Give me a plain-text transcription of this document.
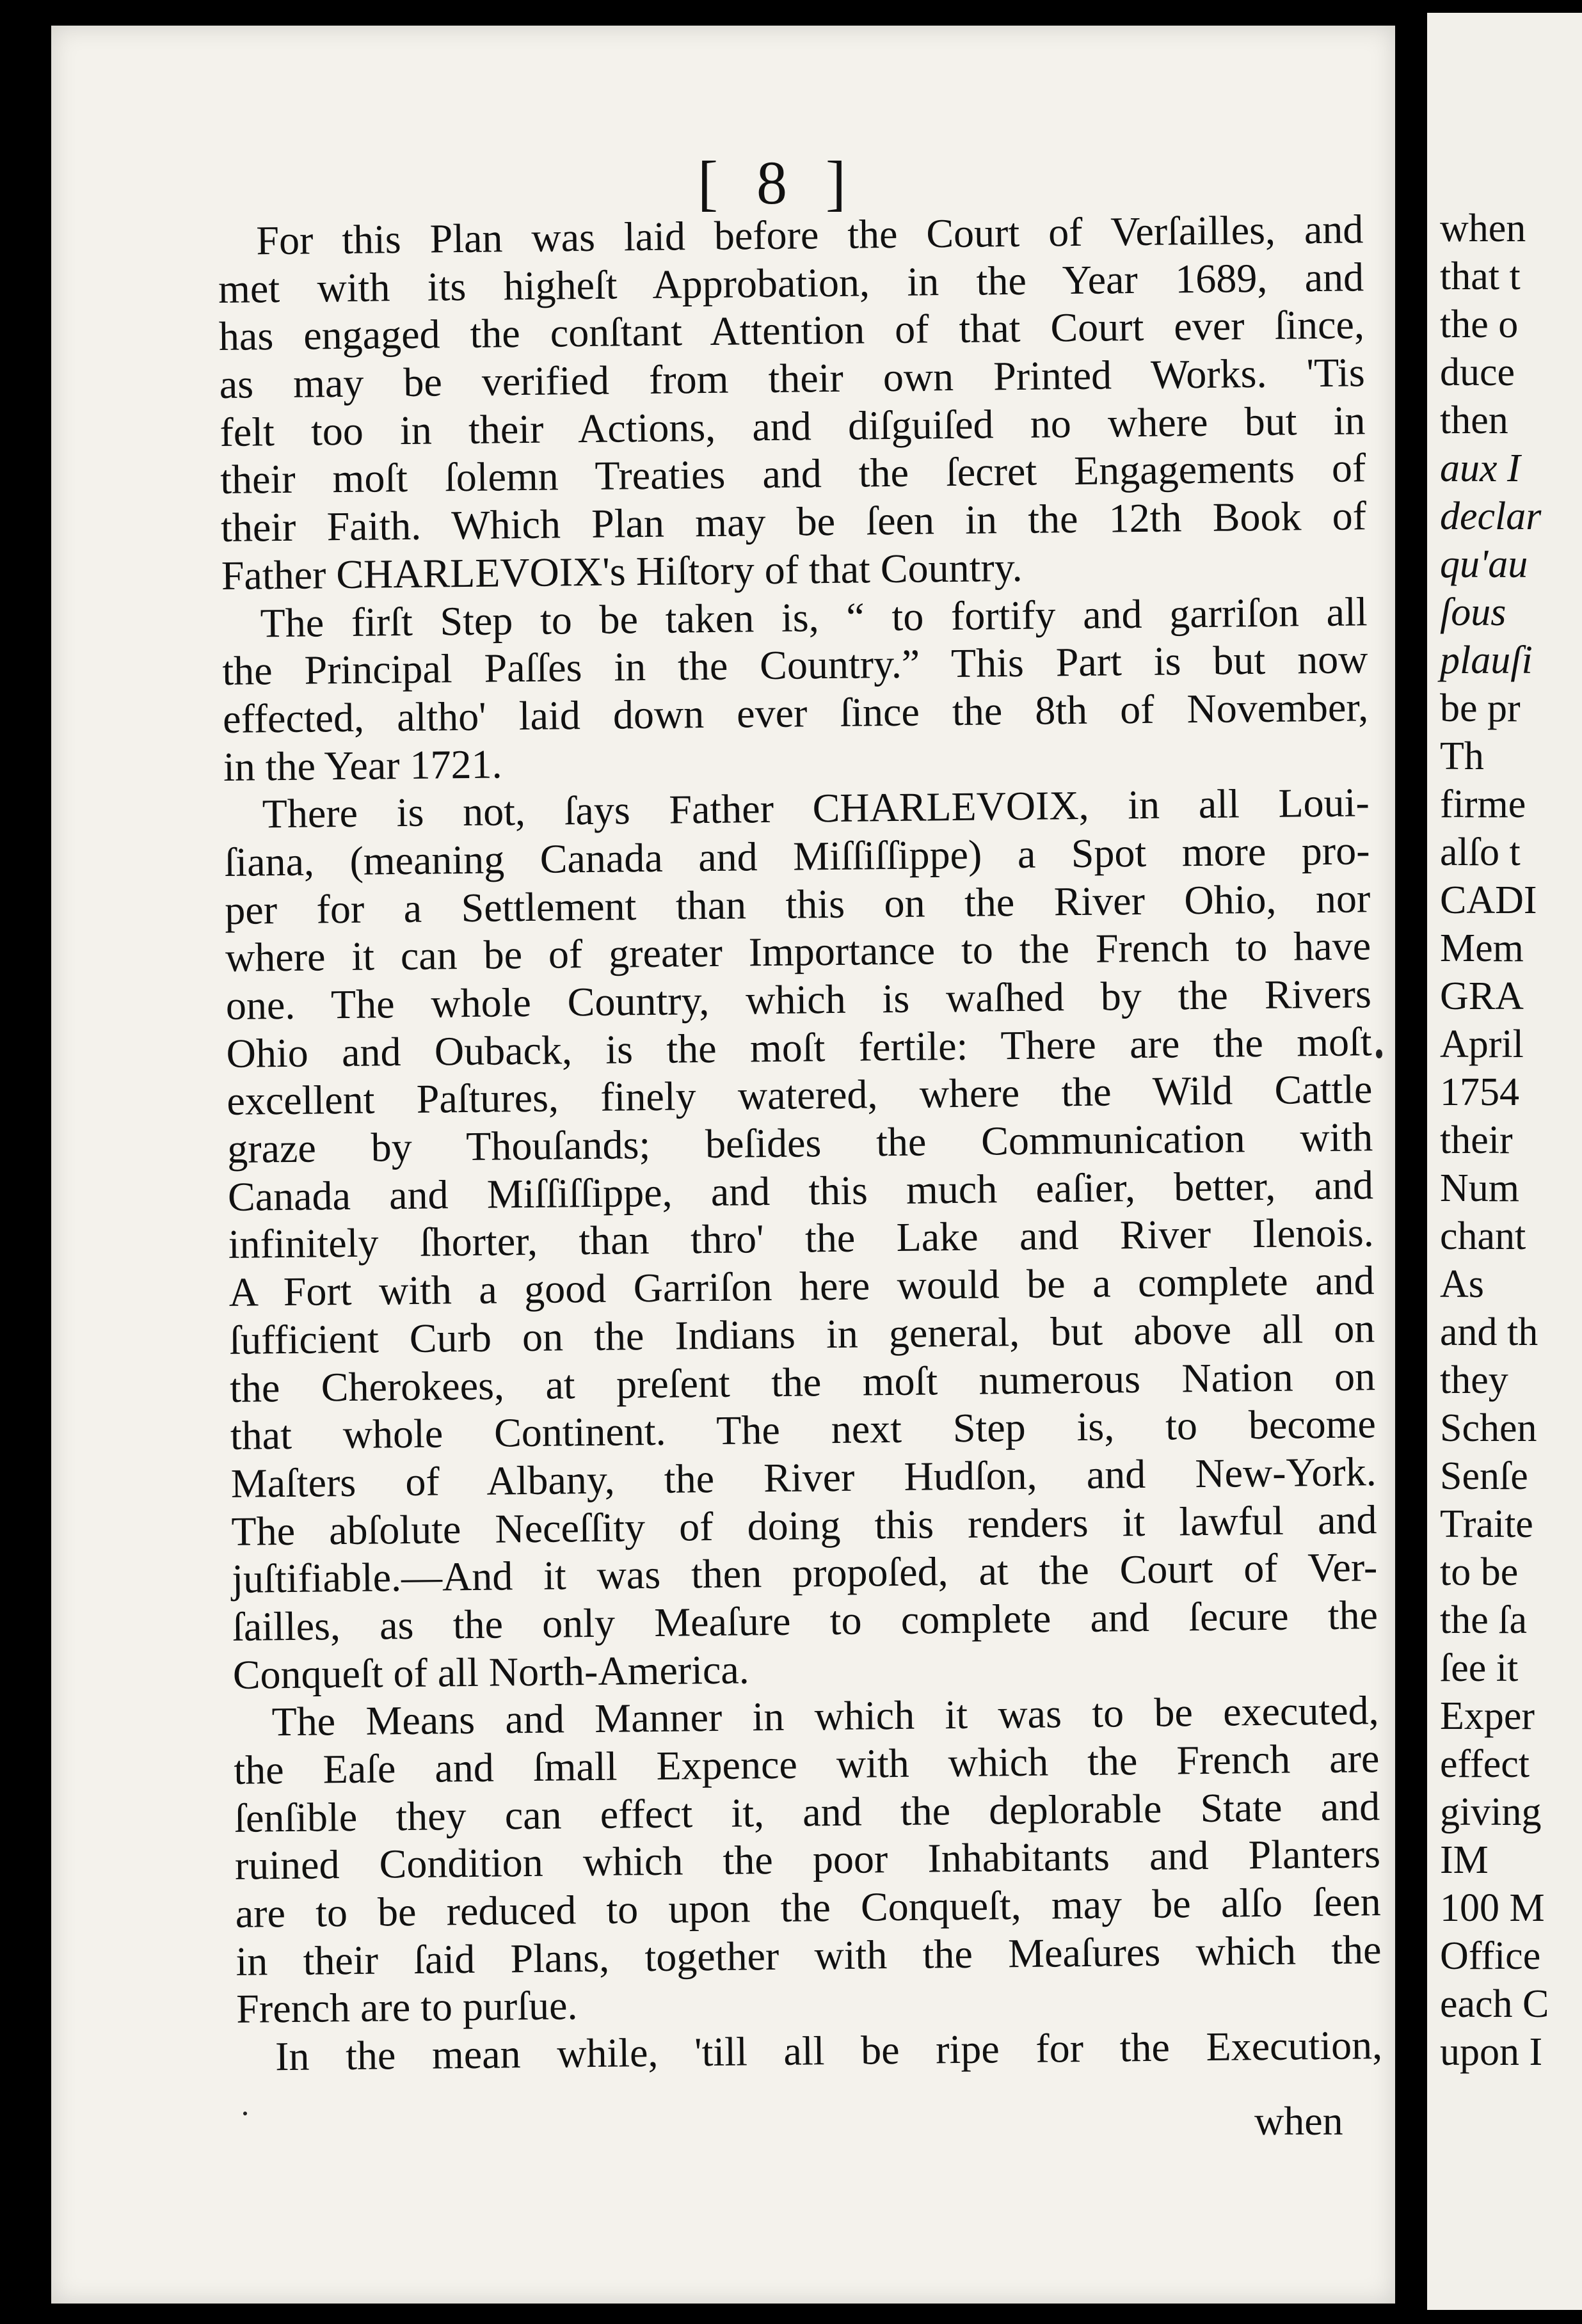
[ 8 ]
For this Plan was laid before the Court of Verſailles, and
met with its higheſt Approbation, in the Year 1689, and
has engaged the conſtant Attention of that Court ever ſince,
as may be verified from their own Printed Works. 'Tis
felt too in their Actions, and diſguiſed no where but in
their moſt ſolemn Treaties and the ſecret Engagements of
their Faith. Which Plan may be ſeen in the 12th Book of
Father CHARLEVOIX's Hiſtory of that Country.
The firſt Step to be taken is, “ to fortify and garriſon all
the Principal Paſſes in the Country.” This Part is but now
effected, altho' laid down ever ſince the 8th of November,
in the Year 1721.
There is not, ſays Father CHARLEVOIX, in all Loui-
ſiana, (meaning Canada and Miſſiſſippe) a Spot more pro-
per for a Settlement than this on the River Ohio, nor
where it can be of greater Importance to the French to have
one. The whole Country, which is waſhed by the Rivers
Ohio and Ouback, is the moſt fertile: There are the moſt
excellent Paſtures, finely watered, where the Wild Cattle
graze by Thouſands; beſides the Communication with
Canada and Miſſiſſippe, and this much eaſier, better, and
infinitely ſhorter, than thro' the Lake and River Ilenois.
A Fort with a good Garriſon here would be a complete and
ſufficient Curb on the Indians in general, but above all on
the Cherokees, at preſent the moſt numerous Nation on
that whole Continent. The next Step is, to become
Maſters of Albany, the River Hudſon, and New-York.
The abſolute Neceſſity of doing this renders it lawful and
juſtifiable.—And it was then propoſed, at the Court of Ver-
ſailles, as the only Meaſure to complete and ſecure the
Conqueſt of all North-America.
The Means and Manner in which it was to be executed,
the Eaſe and ſmall Expence with which the French are
ſenſible they can effect it, and the deplorable State and
ruined Condition which the poor Inhabitants and Planters
are to be reduced to upon the Conqueſt, may be alſo ſeen
in their ſaid Plans, together with the Meaſures which the
French are to purſue.
In the mean while, 'till all be ripe for the Execution,
when
when
that t
the o
duce
then
aux I
declar
qu'au
ſous
plauſi
be pr
Th
firme
alſo t
CADI
Mem
GRA
April
1754
their
Num
chant
As
and th
they
Schen
Senſe
Traite
to be
the ſa
ſee it
Exper
effect
giving
IM
100 M
Office
each C
upon I
